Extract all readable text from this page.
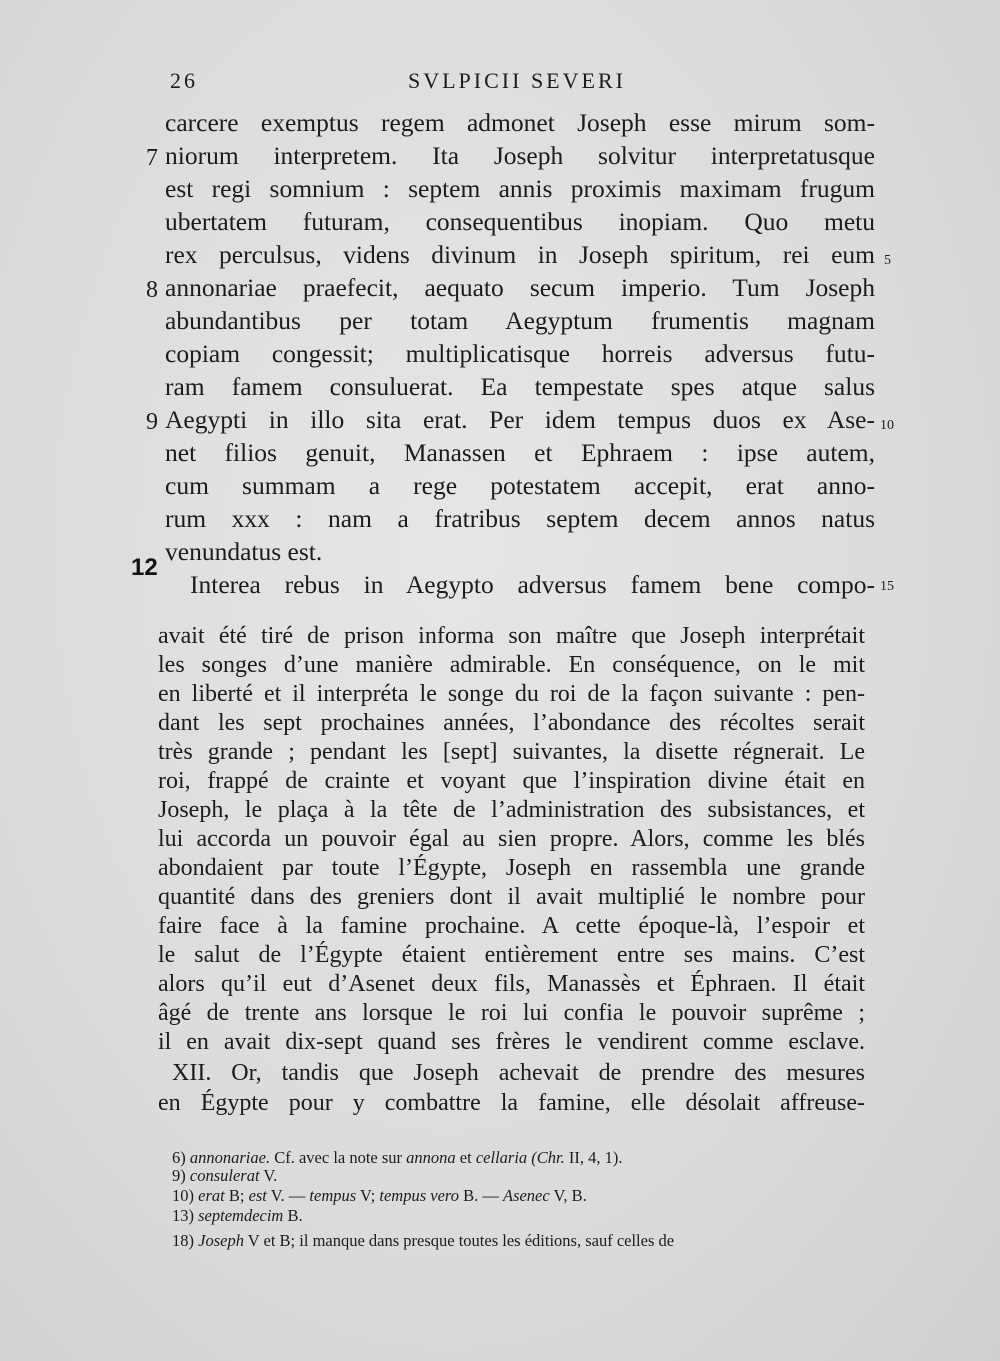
26	SVLPICII SEVERI
carcere exemptus regem admonet Joseph esse mirum som-
niorum interpretem. Ita Joseph solvitur interpretatusque
est regi somnium : septem annis proximis maximam frugum
ubertatem futuram, consequentibus inopiam. Quo metu
rex perculsus, videns divinum in Joseph spiritum, rei eum
annonariae praefecit, aequato secum imperio. Tum Joseph
abundantibus per totam Aegyptum frumentis magnam
copiam congessit; multiplicatisque horreis adversus futu-
ram famem consuluerat. Ea tempestate spes atque salus
Aegypti in illo sita erat. Per idem tempus duos ex Ase-
net filios genuit, Manassen et Ephraem : ipse autem,
cum summam a rege potestatem accepit, erat anno-
rum xxx : nam a fratribus septem decem annos natus
venundatus est.
Interea rebus in Aegypto adversus famem bene compo-
7
8
9
12
5
10
15
avait été tiré de prison informa son maître que Joseph interprétait
les songes d’une manière admirable. En conséquence, on le mit
en liberté et il interpréta le songe du roi de la façon suivante : pen-
dant les sept prochaines années, l’abondance des récoltes serait
très grande ; pendant les [sept] suivantes, la disette régnerait. Le
roi, frappé de crainte et voyant que l’inspiration divine était en
Joseph, le plaça à la tête de l’administration des subsistances, et
lui accorda un pouvoir égal au sien propre. Alors, comme les blés
abondaient par toute l’Égypte, Joseph en rassembla une grande
quantité dans des greniers dont il avait multiplié le nombre pour
faire face à la famine prochaine. A cette époque-là, l’espoir et
le salut de l’Égypte étaient entièrement entre ses mains. C’est
alors qu’il eut d’Asenet deux fils, Manassès et Éphraen. Il était
âgé de trente ans lorsque le roi lui confia le pouvoir suprême ;
il en avait dix-sept quand ses frères le vendirent comme esclave.
XII. Or, tandis que Joseph achevait de prendre des mesures
en Égypte pour y combattre la famine, elle désolait affreuse-
6) annonariae. Cf. avec la note sur annona et cellaria (Chr. II, 4, 1).
9) consulerat V.
10) erat B; est V. — tempus V; tempus vero B. — Asenec V, B.
13) septemdecim B.
18) Joseph V et B; il manque dans presque toutes les éditions, sauf celles de
